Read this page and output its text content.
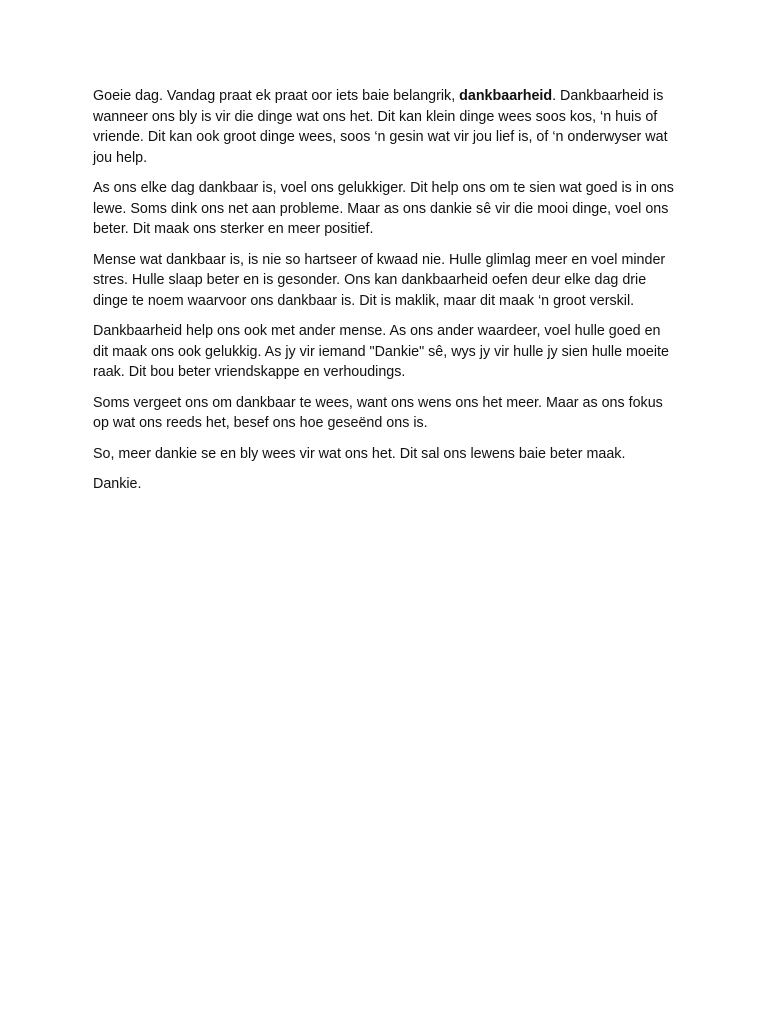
Goeie dag. Vandag praat ek praat oor iets baie belangrik, dankbaarheid. Dankbaarheid is wanneer ons bly is vir die dinge wat ons het. Dit kan klein dinge wees soos kos, ‘n huis of vriende. Dit kan ook groot dinge wees, soos ‘n gesin wat vir jou lief is, of ‘n onderwyser wat jou help.

As ons elke dag dankbaar is, voel ons gelukkiger. Dit help ons om te sien wat goed is in ons lewe. Soms dink ons net aan probleme. Maar as ons dankie sê vir die mooi dinge, voel ons beter. Dit maak ons sterker en meer positief.

Mense wat dankbaar is, is nie so hartseer of kwaad nie. Hulle glimlag meer en voel minder stres. Hulle slaap beter en is gesonder. Ons kan dankbaarheid oefen deur elke dag drie dinge te noem waarvoor ons dankbaar is. Dit is maklik, maar dit maak ‘n groot verskil.

Dankbaarheid help ons ook met ander mense. As ons ander waardeer, voel hulle goed en dit maak ons ook gelukkig. As jy vir iemand "Dankie" sê, wys jy vir hulle jy sien hulle moeite raak. Dit bou beter vriendskappe en verhoudings.

Soms vergeet ons om dankbaar te wees, want ons wens ons het meer. Maar as ons fokus op wat ons reeds het, besef ons hoe geseënd ons is.

So, meer dankie se en bly wees vir wat ons het. Dit sal ons lewens baie beter maak.

Dankie.
